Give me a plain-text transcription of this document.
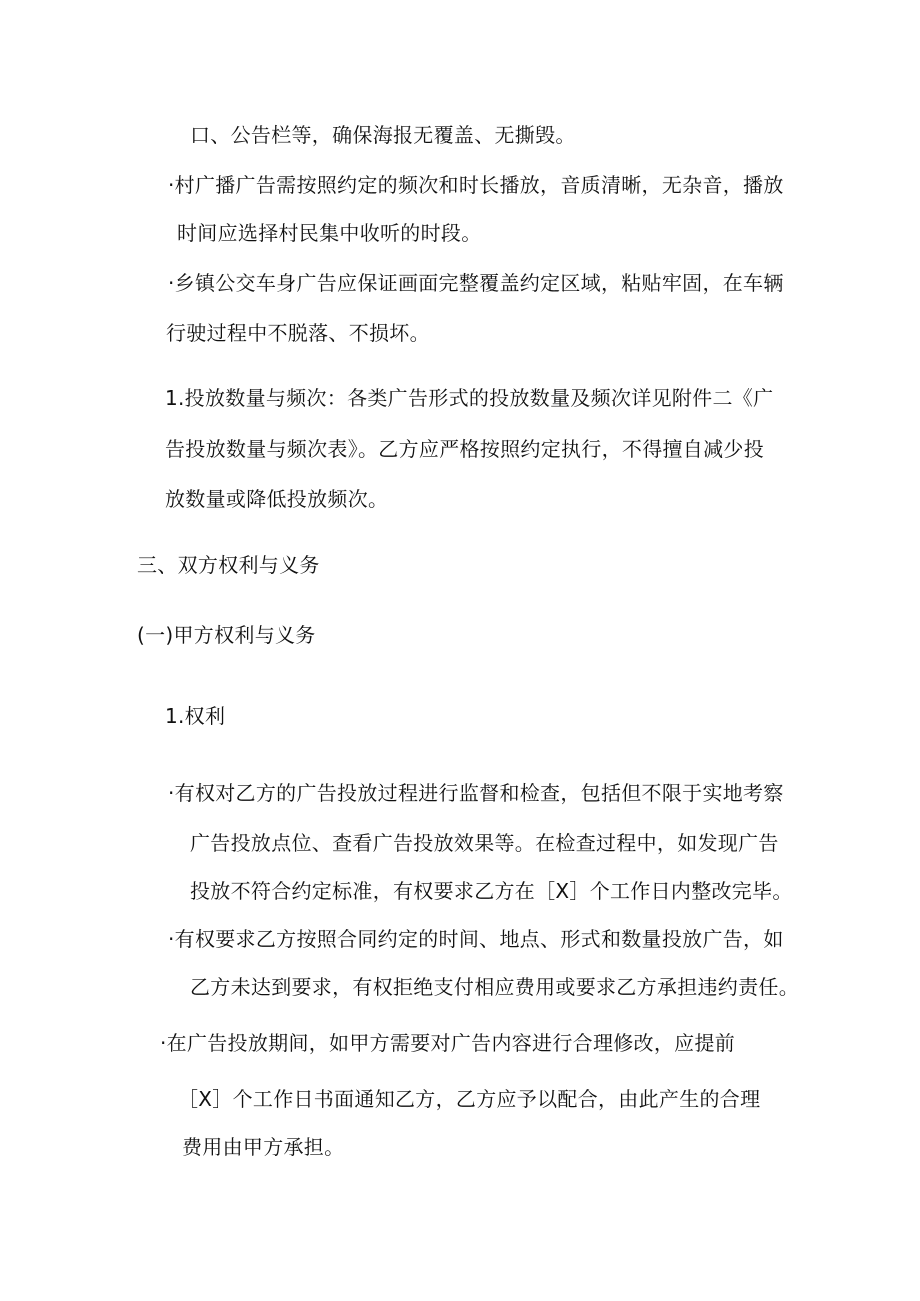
口、公告栏等，确保海报无覆盖、无撕毁。
·村广播广告需按照约定的频次和时长播放，音质清晰，无杂音，播放
时间应选择村民集中收听的时段。
·乡镇公交车身广告应保证画面完整覆盖约定区域，粘贴牢固，在车辆
行驶过程中不脱落、不损坏。
1.投放数量与频次：各类广告形式的投放数量及频次详见附件二《广
告投放数量与频次表》。乙方应严格按照约定执行，不得擅自减少投
放数量或降低投放频次。
三、双方权利与义务
(一)甲方权利与义务
1.权利
·有权对乙方的广告投放过程进行监督和检查，包括但不限于实地考察
广告投放点位、查看广告投放效果等。在检查过程中，如发现广告
投放不符合约定标准，有权要求乙方在［X］个工作日内整改完毕。
·有权要求乙方按照合同约定的时间、地点、形式和数量投放广告，如
乙方未达到要求，有权拒绝支付相应费用或要求乙方承担违约责任。
·在广告投放期间，如甲方需要对广告内容进行合理修改，应提前
［X］个工作日书面通知乙方，乙方应予以配合，由此产生的合理
费用由甲方承担。
